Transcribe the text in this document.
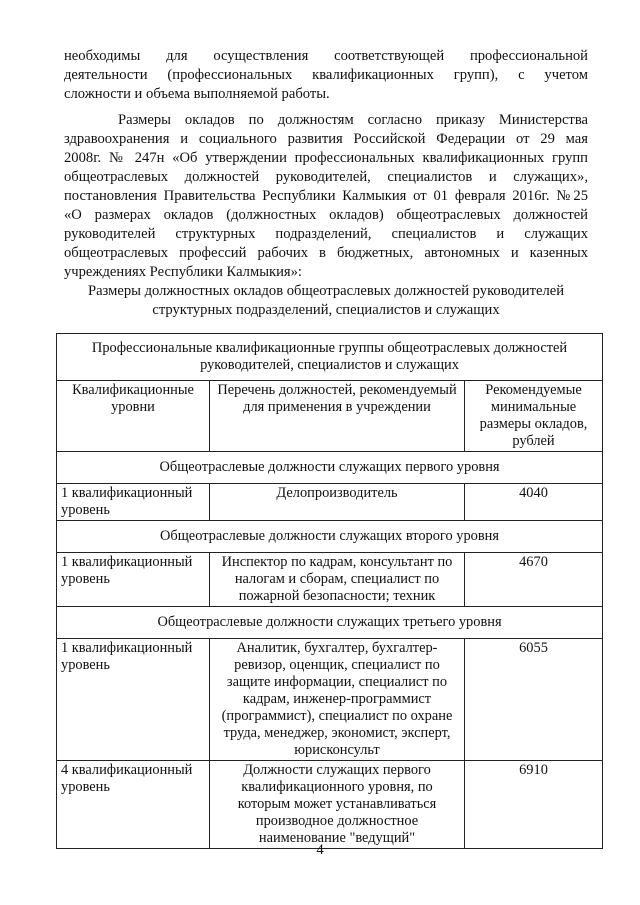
необходимы для осуществления соответствующей профессиональной
деятельности (профессиональных квалификационных групп), с учетом
сложности и объема выполняемой работы.
Размеры окладов по должностям согласно приказу Министерства
здравоохранения и социального развития Российской Федерации от 29 мая
2008г. № 247н «Об утверждении профессиональных квалификационных групп
общеотраслевых должностей руководителей, специалистов и служащих»,
постановления Правительства Республики Калмыкия от 01 февраля 2016г. №25
«О размерах окладов (должностных окладов) общеотраслевых должностей
руководителей структурных подразделений, специалистов и служащих
общеотраслевых профессий рабочих в бюджетных, автономных и казенных
учреждениях Республики Калмыкия»:
Размеры должностных окладов общеотраслевых должностей руководителей
структурных подразделений, специалистов и служащих
Профессиональные квалификационные группы общеотраслевых должностей руководителей, специалистов и служащих		
Квалификационные уровни	Перечень должностей, рекомендуемый для применения в учреждении	Рекомендуемые минимальные размеры окладов, рублей
Общеотраслевые должности служащих первого уровня		
1 квалификационный уровень	Делопроизводитель	4040
Общеотраслевые должности служащих второго уровня		
1 квалификационный уровень	Инспектор по кадрам, консультант по налогам и сборам, специалист по пожарной безопасности; техник	4670
Общеотраслевые должности служащих третьего уровня		
1 квалификационный уровень	Аналитик, бухгалтер, бухгалтер-ревизор, оценщик, специалист по защите информации, специалист по кадрам, инженер-программист (программист), специалист по охране труда, менеджер, экономист, эксперт, юрисконсульт	6055
4 квалификационный уровень	Должности служащих первого квалификационного уровня, по которым может устанавливаться производное должностное наименование "ведущий"	6910
4
